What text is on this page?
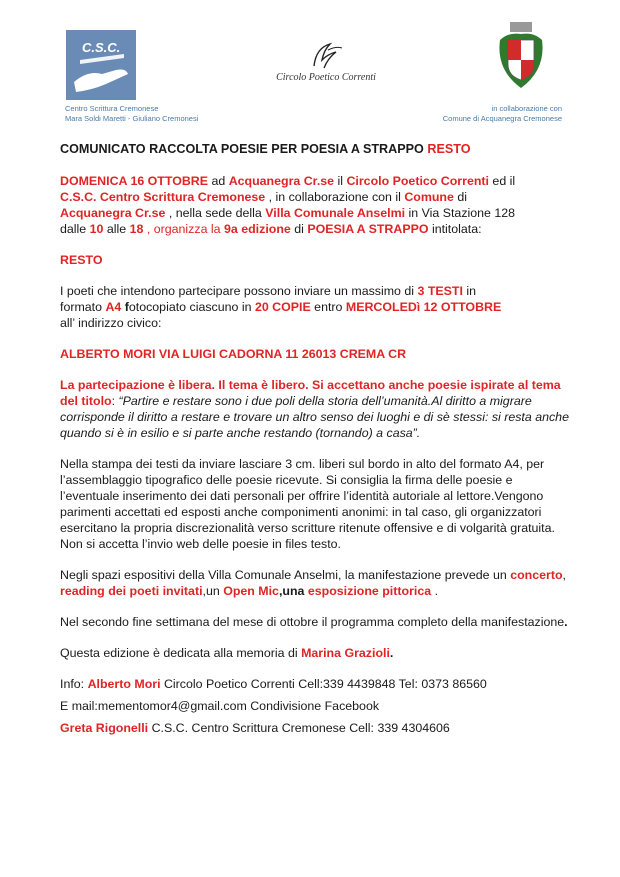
C.S.C.
Circolo Poetico Correnti
Centro Scrittura Cremonese
Mara Soldi Maretti - Giuliano Cremonesi
in collaborazione con
Comune di Acquanegra Cremonese

COMUNICATO RACCOLTA POESIE PER POESIA A STRAPPO RESTO

DOMENICA 16 OTTOBRE ad Acquanegra Cr.se il Circolo Poetico Correnti ed il
C.S.C. Centro Scrittura Cremonese , in collaborazione con il Comune di
Acquanegra Cr.se , nella sede della Villa Comunale Anselmi in Via Stazione 128
dalle 10 alle 18 , organizza la 9a edizione di POESIA A STRAPPO intitolata:

RESTO

I poeti che intendono partecipare possono inviare un massimo di 3 TESTI in
formato A4 fotocopiato ciascuno in 20 COPIE entro MERCOLEDì 12 OTTOBRE
all’ indirizzo civico:

ALBERTO MORI VIA LUIGI CADORNA 11 26013 CREMA CR

La partecipazione è libera. Il tema è libero. Si accettano anche poesie ispirate al tema del titolo: “Partire e restare sono i due poli della storia dell’umanità.Al diritto a migrare corrisponde il diritto a restare e trovare un altro senso dei luoghi e di sè stessi: si resta anche quando si è in esilio e si parte anche restando (tornando) a casa”.

Nella stampa dei testi da inviare lasciare 3 cm. liberi sul bordo in alto del formato A4, per l’assemblaggio tipografico delle poesie ricevute. Si consiglia la firma delle poesie e l’eventuale inserimento dei dati personali per offrire l’identità autoriale al lettore.Vengono parimenti accettati ed esposti anche componimenti anonimi: in tal caso, gli organizzatori esercitano la propria discrezionalità verso scritture ritenute offensive e di volgarità gratuita. Non si accetta l’invio web delle poesie in files testo.

Negli spazi espositivi della Villa Comunale Anselmi, la manifestazione prevede un concerto, reading dei poeti invitati,un Open Mic,una esposizione pittorica .

Nel secondo fine settimana del mese di ottobre il programma completo della manifestazione.

Questa edizione è dedicata alla memoria di Marina Grazioli.

Info: Alberto Mori Circolo Poetico Correnti Cell:339 4439848 Tel: 0373 86560

E mail:mementomor4@gmail.com Condivisione Facebook

Greta Rigonelli C.S.C. Centro Scrittura Cremonese Cell: 339 4304606
